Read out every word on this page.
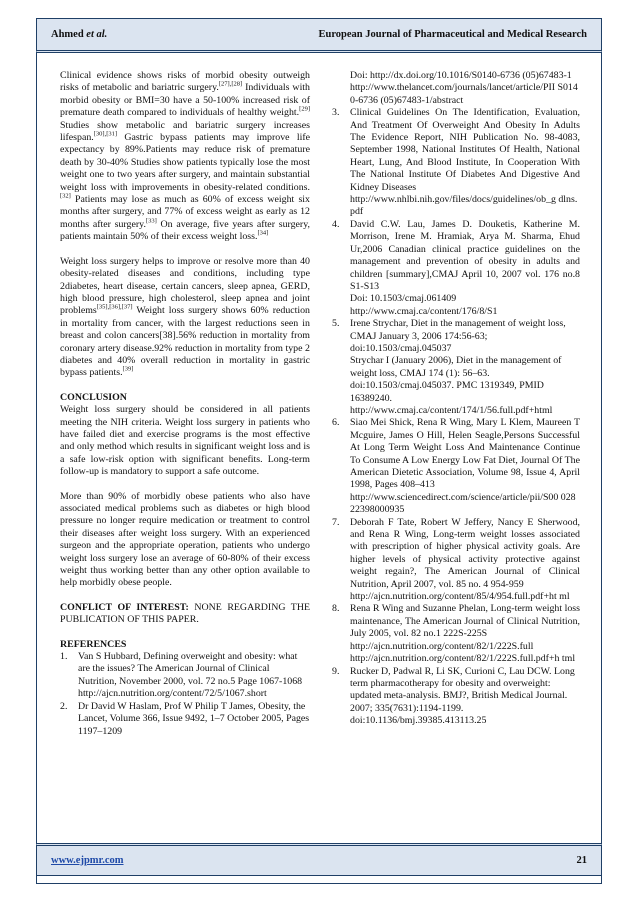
Ahmed et al.	European Journal of Pharmaceutical and Medical Research

Clinical evidence shows risks of morbid obesity outweigh risks of metabolic and bariatric surgery.[27],[28] Individuals with morbid obesity or BMI=30 have a 50-100% increased risk of premature death compared to individuals of healthy weight.[29] Studies show metabolic and bariatric surgery increases lifespan.[30],[31] Gastric bypass patients may improve life expectancy by 89%.Patients may reduce risk of premature death by 30-40% Studies show patients typically lose the most weight one to two years after surgery, and maintain substantial weight loss with improvements in obesity-related conditions.[32] Patients may lose as much as 60% of excess weight six months after surgery, and 77% of excess weight as early as 12 months after surgery.[33] On average, five years after surgery, patients maintain 50% of their excess weight loss.[34]

Weight loss surgery helps to improve or resolve more than 40 obesity-related diseases and conditions, including type 2diabetes, heart disease, certain cancers, sleep apnea, GERD, high blood pressure, high cholesterol, sleep apnea and joint problems[35],[36],[37] Weight loss surgery shows 60% reduction in mortality from cancer, with the largest reductions seen in breast and colon cancers[38].56% reduction in mortality from coronary artery disease.92% reduction in mortality from type 2 diabetes and 40% overall reduction in mortality in gastric bypass patients.[39]

CONCLUSION

Weight loss surgery should be considered in all patients meeting the NIH criteria. Weight loss surgery in patients who have failed diet and exercise programs is the most effective and only method which results in significant weight loss and is a safe low-risk option with significant benefits. Long-term follow-up is mandatory to support a safe outcome.

More than 90% of morbidly obese patients who also have associated medical problems such as diabetes or high blood pressure no longer require medication or treatment to control their diseases after weight loss surgery. With an experienced surgeon and the appropriate operation, patients who undergo weight loss surgery lose an average of 60-80% of their excess weight thus working better than any other option available to help morbidly obese people.

CONFLICT OF INTEREST: NONE REGARDING THE PUBLICATION OF THIS PAPER.

REFERENCES
1.	Van S Hubbard, Defining overweight and obesity: what are the issues? The American Journal of Clinical Nutrition, November 2000, vol. 72 no.5 Page 1067-1068
http://ajcn.nutrition.org/content/72/5/1067.short
2.	Dr David W Haslam, Prof W Philip T James, Obesity, the Lancet, Volume 366, Issue 9492, 1–7 October 2005, Pages 1197–1209
Doi: http://dx.doi.org/10.1016/S0140-6736 (05)67483-1
http://www.thelancet.com/journals/lancet/article/PII S0140-6736 (05)67483-1/abstract
3.	Clinical Guidelines On The Identification, Evaluation, And Treatment Of Overweight And Obesity In Adults The Evidence Report, NIH Publication No. 98-4083, September 1998, National Institutes Of Health, National Heart, Lung, And Blood Institute, In Cooperation With The National Institute Of Diabetes And Digestive And Kidney Diseases
http://www.nhlbi.nih.gov/files/docs/guidelines/ob_g dlns.pdf
4.	David C.W. Lau, James D. Douketis, Katherine M. Morrison, Irene M. Hramiak, Arya M. Sharma, Ehud Ur,2006 Canadian clinical practice guidelines on the management and prevention of obesity in adults and children [summary],CMAJ April 10, 2007 vol. 176 no.8 S1-S13
Doi: 10.1503/cmaj.061409
http://www.cmaj.ca/content/176/8/S1
5.	Irene Strychar, Diet in the management of weight loss, CMAJ January 3, 2006 174:56-63;
doi:10.1503/cmaj.045037
Strychar I (January 2006), Diet in the management of weight loss, CMAJ 174 (1): 56–63. doi:10.1503/cmaj.045037. PMC 1319349, PMID 16389240.
http://www.cmaj.ca/content/174/1/56.full.pdf+html
6.	Siao Mei Shick, Rena R Wing, Mary L Klem, Maureen T Mcguire, James O Hill, Helen Seagle,Persons Successful At Long Term Weight Loss And Maintenance Continue To Consume A Low Energy Low Fat Diet, Journal Of The American Dietetic Association, Volume 98, Issue 4, April 1998, Pages 408–413
http://www.sciencedirect.com/science/article/pii/S00 02822398000935
7.	Deborah F Tate, Robert W Jeffery, Nancy E Sherwood, and Rena R Wing, Long-term weight losses associated with prescription of higher physical activity goals. Are higher levels of physical activity protective against weight regain?, The American Journal of Clinical Nutrition, April 2007, vol. 85 no. 4 954-959
http://ajcn.nutrition.org/content/85/4/954.full.pdf+ht ml
8.	Rena R Wing and Suzanne Phelan, Long-term weight loss maintenance, The American Journal of Clinical Nutrition, July 2005, vol. 82 no.1 222S-225S
http://ajcn.nutrition.org/content/82/1/222S.full
http://ajcn.nutrition.org/content/82/1/222S.full.pdf+h tml
9.	Rucker D, Padwal R, Li SK, Curioni C, Lau DCW. Long term pharmacotherapy for obesity and overweight: updated meta-analysis. BMJ?, British Medical Journal. 2007; 335(7631):1194-1199. doi:10.1136/bmj.39385.413113.25
www.ejpmr.com	21
